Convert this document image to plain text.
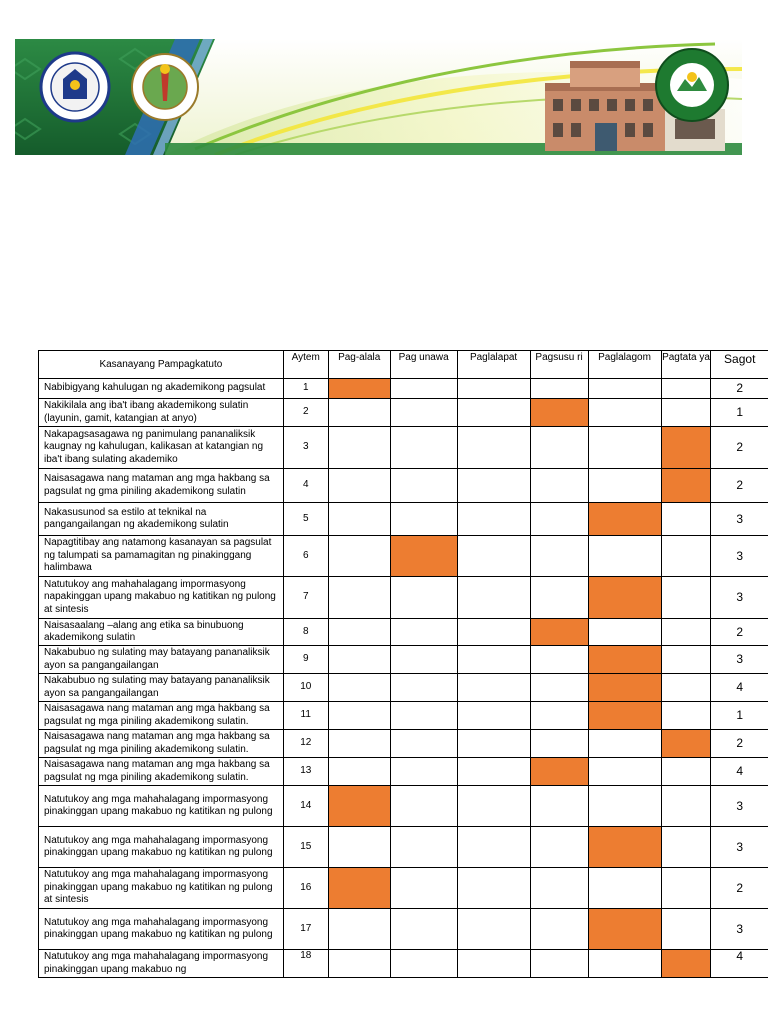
Kasanayang Pampagkatuto	Aytem	Pag-alala	Pag unawa	Paglalapat	Pagsusu ri	Paglalagom	Pagtata ya	Sagot
Nabibigyang kahulugan ng akademikong pagsulat	1							2
Nakikilala ang iba't ibang akademikong sulatin (layunin, gamit, katangian at anyo)	2							1
Nakapagsasagawa ng panimulang pananaliksik kaugnay ng kahulugan, kalikasan at katangian ng iba't ibang sulating akademiko	3							2
Naisasagawa nang mataman ang mga hakbang sa pagsulat ng gma piniling akademikong sulatin	4							2
Nakasusunod sa estilo at teknikal na pangangailangan ng akademikong sulatin	5							3
Napagtitibay ang natamong kasanayan sa pagsulat ng talumpati sa pamamagitan ng pinakinggang halimbawa	6							3
Natutukoy ang mahahalagang impormasyong napakinggan upang makabuo ng katitikan ng pulong at sintesis	7							3
Naisasaalang –alang ang etika sa binubuong akademikong sulatin	8							2
Nakabubuo ng sulating may batayang pananaliksik ayon sa pangangailangan	9							3
Nakabubuo ng sulating may batayang pananaliksik ayon sa pangangailangan	10							4
Naisasagawa nang mataman ang mga hakbang sa pagsulat ng mga piniling akademikong sulatin.	11							1
Naisasagawa nang mataman ang mga hakbang sa pagsulat ng mga piniling akademikong sulatin.	12							2
Naisasagawa nang mataman ang mga hakbang sa pagsulat ng mga piniling akademikong sulatin.	13							4
Natutukoy ang mga mahahalagang impormasyong pinakinggan upang makabuo ng katitikan ng pulong	14							3
Natutukoy ang mga mahahalagang impormasyong pinakinggan upang makabuo ng katitikan ng pulong	15							3
Natutukoy ang mga mahahalagang impormasyong pinakinggan upang makabuo ng katitikan ng pulong at sintesis	16							2
Natutukoy ang mga mahahalagang impormasyong pinakinggan upang makabuo ng katitikan ng pulong	17							3
Natutukoy ang mga mahahalagang impormasyong pinakinggan upang makabuo ng	18							4
